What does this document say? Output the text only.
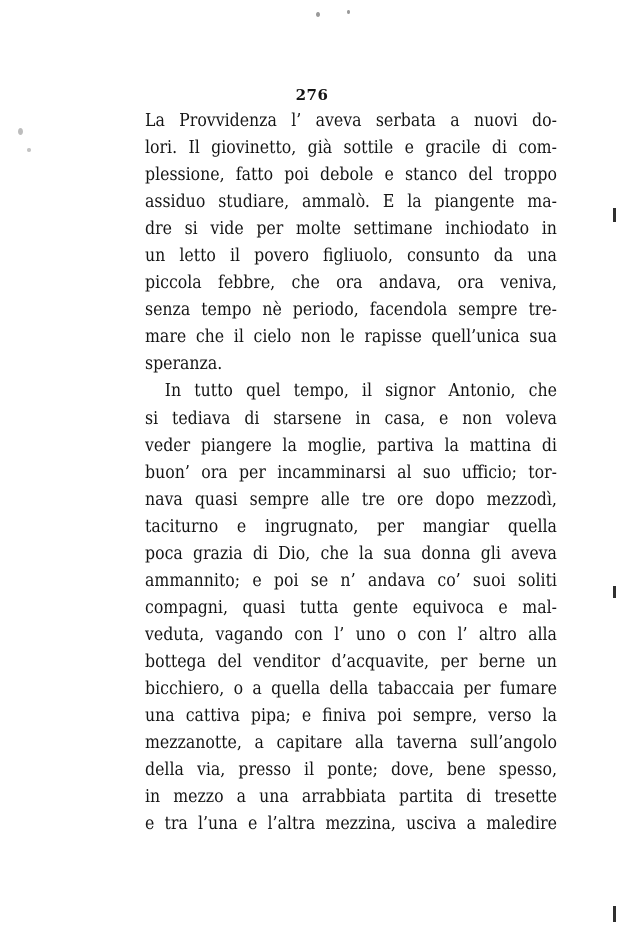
276
La Provvidenza l’ aveva serbata a nuovi do-
lori. Il giovinetto, già sottile e gracile di com-
plessione, fatto poi debole e stanco del troppo
assiduo studiare, ammalò. E la piangente ma-
dre si vide per molte settimane inchiodato in
un letto il povero figliuolo, consunto da una
piccola febbre, che ora andava, ora veniva,
senza tempo nè periodo, facendola sempre tre-
mare che il cielo non le rapisse quell’unica sua
speranza.
In tutto quel tempo, il signor Antonio, che
si tediava di starsene in casa, e non voleva
veder piangere la moglie, partiva la mattina di
buon’ ora per incamminarsi al suo ufficio; tor-
nava quasi sempre alle tre ore dopo mezzodì,
taciturno e ingrugnato, per mangiar quella
poca grazia di Dio, che la sua donna gli aveva
ammannito; e poi se n’ andava co’ suoi soliti
compagni, quasi tutta gente equivoca e mal-
veduta, vagando con l’ uno o con l’ altro alla
bottega del venditor d’acquavite, per berne un
bicchiero, o a quella della tabaccaia per fumare
una cattiva pipa; e finiva poi sempre, verso la
mezzanotte, a capitare alla taverna sull’angolo
della via, presso il ponte; dove, bene spesso,
in mezzo a una arrabbiata partita di tresette
e tra l’una e l’altra mezzina, usciva a maledire
